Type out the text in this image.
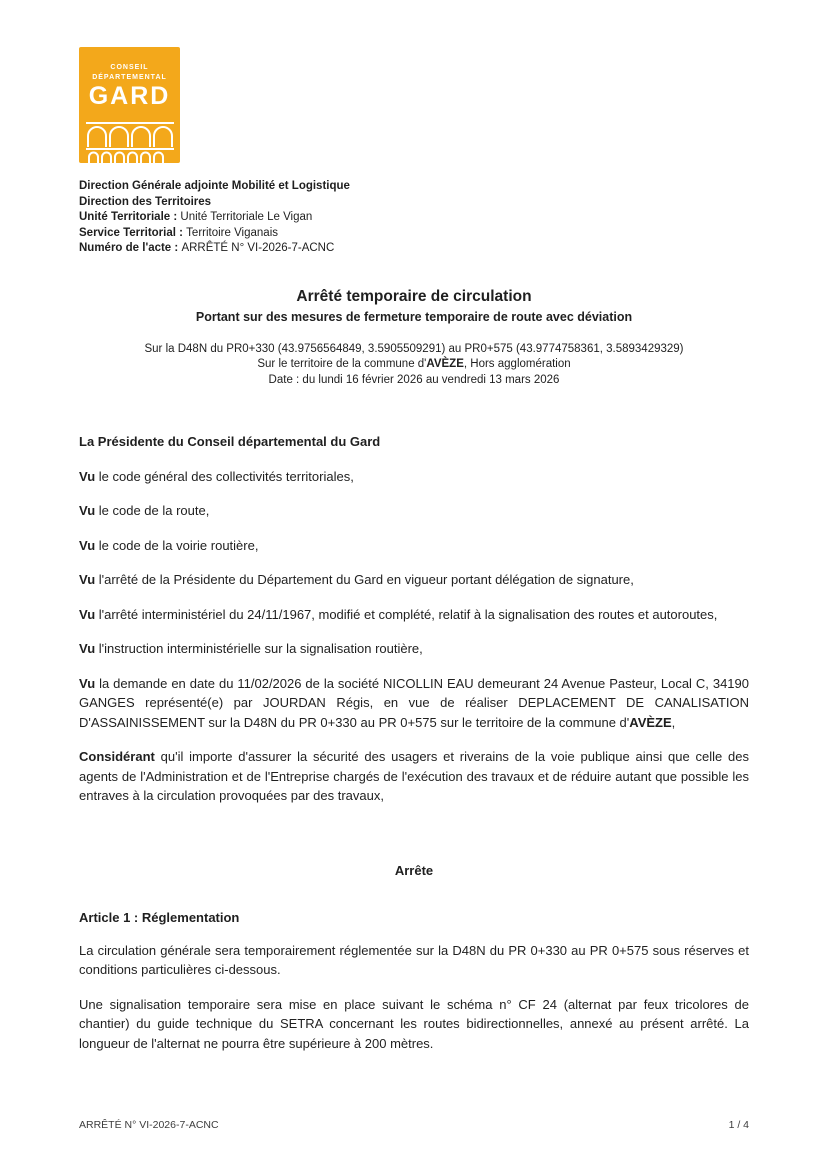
CONSEIL
DÉPARTEMENTAL
GARD
Direction Générale adjointe Mobilité et Logistique
Direction des Territoires
Unité Territoriale : Unité Territoriale Le Vigan
Service Territorial : Territoire Viganais
Numéro de l'acte : ARRÊTÉ N° VI-2026-7-ACNC
Arrêté temporaire de circulation
Portant sur des mesures de fermeture temporaire de route avec déviation
Sur la D48N du PR0+330 (43.9756564849, 3.5905509291) au PR0+575 (43.9774758361, 3.5893429329)
Sur le territoire de la commune d'AVÈZE, Hors agglomération
Date : du lundi 16 février 2026 au vendredi 13 mars 2026

La Présidente du Conseil départemental du Gard

Vu le code général des collectivités territoriales,

Vu le code de la route,

Vu le code de la voirie routière,

Vu l'arrêté de la Présidente du Département du Gard en vigueur portant délégation de signature,

Vu l'arrêté interministériel du 24/11/1967, modifié et complété, relatif à la signalisation des routes et autoroutes,

Vu l'instruction interministérielle sur la signalisation routière,

Vu la demande en date du 11/02/2026 de la société NICOLLIN EAU demeurant 24 Avenue Pasteur, Local C, 34190 GANGES représenté(e) par JOURDAN Régis, en vue de réaliser DEPLACEMENT DE CANALISATION D'ASSAINISSEMENT sur la D48N du PR 0+330 au PR 0+575 sur le territoire de la commune d'AVÈZE,

Considérant qu'il importe d'assurer la sécurité des usagers et riverains de la voie publique ainsi que celle des agents de l'Administration et de l'Entreprise chargés de l'exécution des travaux et de réduire autant que possible les entraves à la circulation provoquées par des travaux,

Arrête

Article 1 : Réglementation

La circulation générale sera temporairement réglementée sur la D48N du PR 0+330 au PR 0+575 sous réserves et conditions particulières ci-dessous.

Une signalisation temporaire sera mise en place suivant le schéma n° CF 24 (alternat par feux tricolores de chantier) du guide technique du SETRA concernant les routes bidirectionnelles, annexé au présent arrêté. La longueur de l'alternat ne pourra être supérieure à 200 mètres.

ARRÊTÉ N° VI-2026-7-ACNC	1 / 4
